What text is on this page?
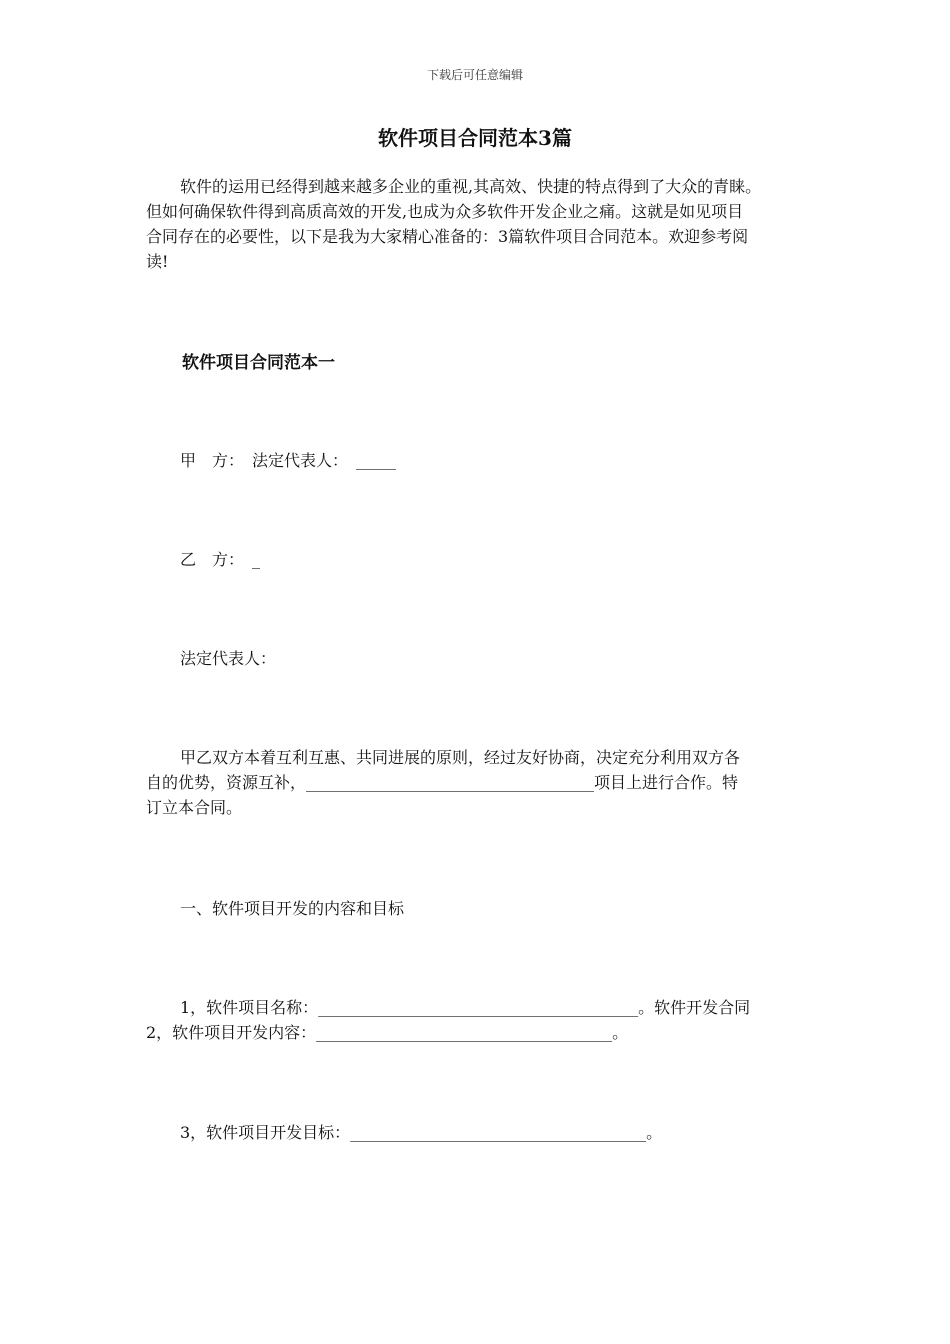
下载后可任意编辑
软件项目合同范本3篇
软件的运用已经得到越来越多企业的重视,其高效、快捷的特点得到了大众的青睐。
但如何确保软件得到高质高效的开发,也成为众多软件开发企业之痛。这就是如见项目
合同存在的必要性，以下是我为大家精心准备的：3篇软件项目合同范本。欢迎参考阅
读!
软件项目合同范本一
甲　方：　法定代表人：　_____
乙　方：　_
法定代表人：
甲乙双方本着互利互惠、共同进展的原则，经过友好协商，决定充分利用双方各
自的优势，资源互补，____________________________________项目上进行合作。特
订立本合同。
一、软件项目开发的内容和目标
1，软件项目名称：________________________________________。软件开发合同
2，软件项目开发内容：_____________________________________。
3，软件项目开发目标：_____________________________________。
